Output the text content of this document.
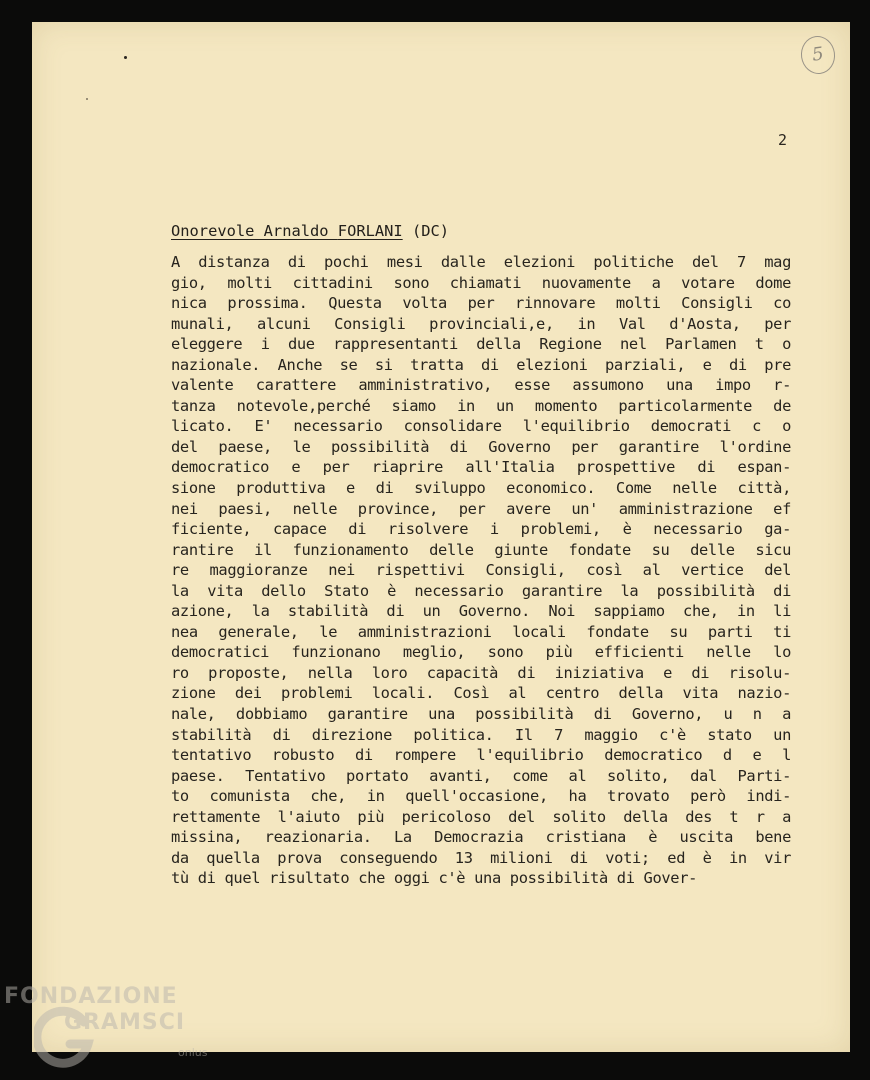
5
2
Onorevole Arnaldo FORLANI (DC)
A distanza di pochi mesi dalle elezioni politiche del 7 mag
gio, molti cittadini sono chiamati nuovamente a votare dome
nica prossima. Questa volta per rinnovare molti Consigli co
munali, alcuni Consigli provinciali,e, in Val d'Aosta, per
eleggere i due rappresentanti della Regione nel Parlamen t o
nazionale. Anche se si tratta di elezioni parziali, e di pre
valente carattere amministrativo, esse assumono una impo r-
tanza notevole,perché siamo in un momento particolarmente de
licato. E' necessario consolidare l'equilibrio democrati c o
del paese, le possibilità di Governo per garantire l'ordine
democratico e per riaprire all'Italia prospettive di espan-
sione produttiva e di sviluppo economico. Come nelle città,
nei paesi, nelle province, per avere un' amministrazione ef
ficiente, capace di risolvere i problemi, è necessario ga-
rantire il funzionamento delle giunte fondate su delle sicu
re maggioranze nei rispettivi Consigli, così al vertice del
la vita dello Stato è necessario garantire la possibilità di
azione, la stabilità di un Governo. Noi sappiamo che, in li
nea generale, le amministrazioni locali fondate su parti ti
democratici funzionano meglio, sono più efficienti nelle lo
ro proposte, nella loro capacità di iniziativa e di risolu-
zione dei problemi locali. Così al centro della vita nazio-
nale, dobbiamo garantire una possibilità di Governo, u n a
stabilità di direzione politica. Il 7 maggio c'è stato un
tentativo robusto di rompere l'equilibrio democratico d e l
paese. Tentativo portato avanti, come al solito, dal Parti-
to comunista che, in quell'occasione, ha trovato però indi-
rettamente l'aiuto più pericoloso del solito della des t r a
missina, reazionaria. La Democrazia cristiana è uscita bene
da quella prova conseguendo 13 milioni di voti; ed è in vir
tù di quel risultato che oggi c'è una possibilità di Gover-
FONDAZIONE
GRAMSCI
onlus
